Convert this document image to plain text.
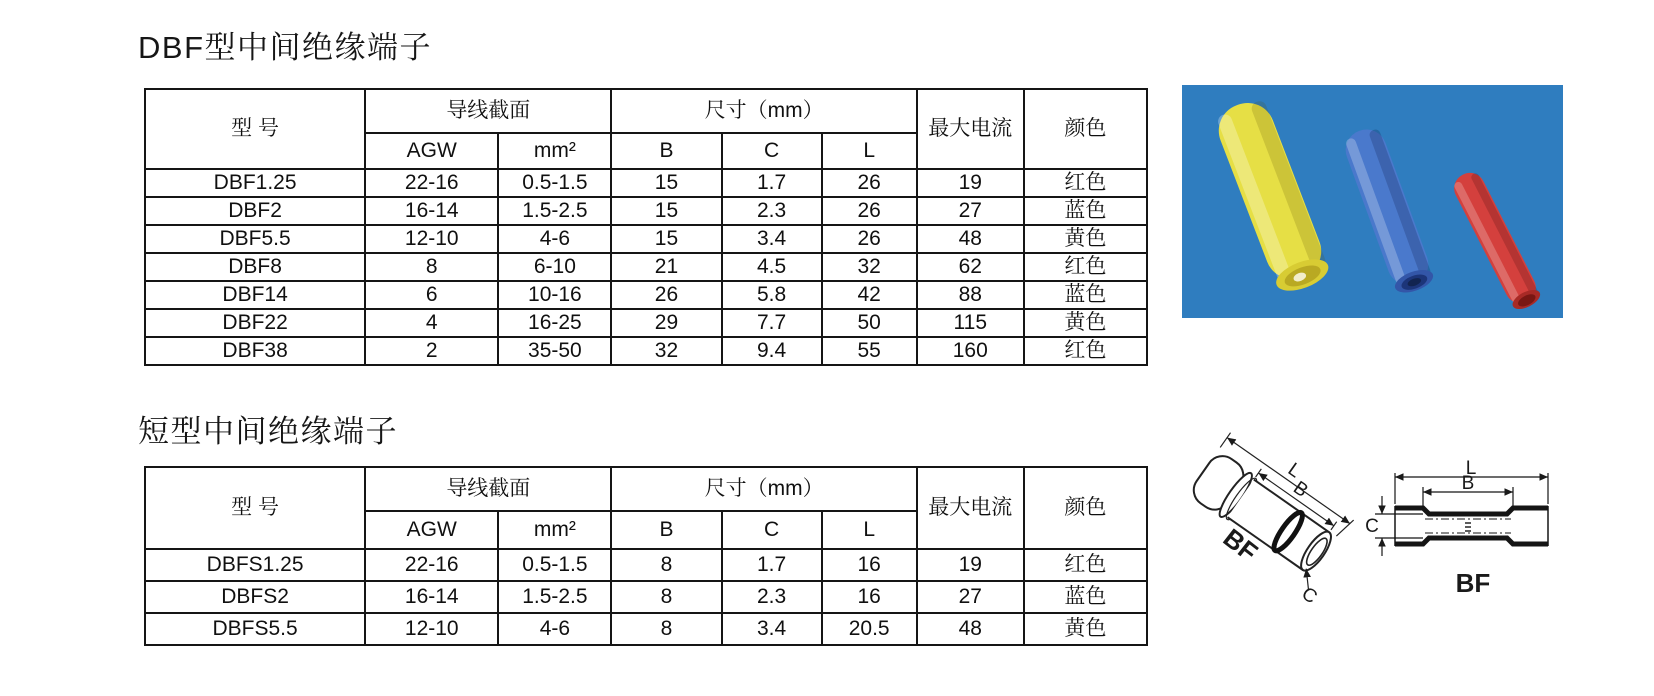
DBF型中间绝缘端子
型 号	导线截面		尺寸（mm）			最大电流	颜色
	AGW	mm²	B	C	L		
DBF1.25	22-16	0.5-1.5	15	1.7	26	19	红色
DBF2	16-14	1.5-2.5	15	2.3	26	27	蓝色
DBF5.5	12-10	4-6	15	3.4	26	48	黄色
DBF8	8	6-10	21	4.5	32	62	红色
DBF14	6	10-16	26	5.8	42	88	蓝色
DBF22	4	16-25	29	7.7	50	115	黄色
DBF38	2	35-50	32	9.4	55	160	红色
短型中间绝缘端子
型 号	导线截面		尺寸（mm）			最大电流	颜色
	AGW	mm²	B	C	L		
DBFS1.25	22-16	0.5-1.5	8	1.7	16	19	红色
DBFS2	16-14	1.5-2.5	8	2.3	16	27	蓝色
DBFS5.5	12-10	4-6	8	3.4	20.5	48	黄色
L
B
C
BF
L
B
C
BF
